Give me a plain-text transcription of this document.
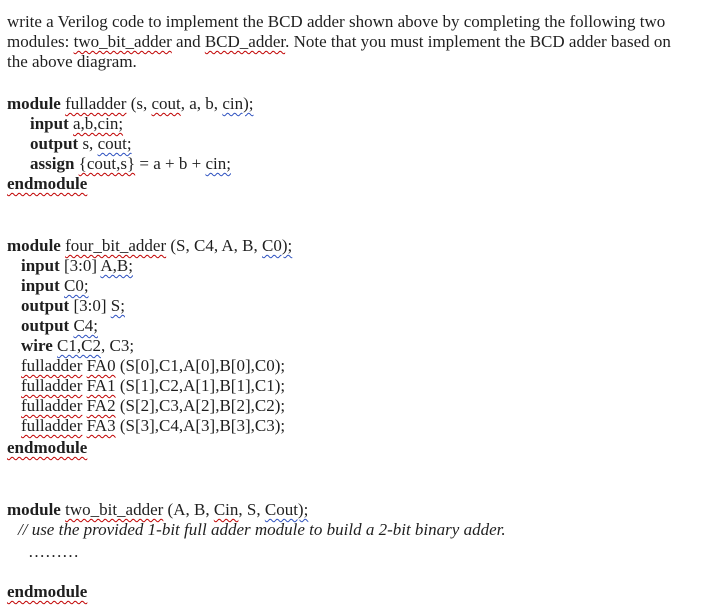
write a Verilog code to implement the BCD adder shown above by completing the following two
modules: two_bit_adder and BCD_adder. Note that you must implement the BCD adder based on
the above diagram.
module fulladder (s, cout, a, b, cin);
input a,b,cin;
output s, cout;
assign {cout,s} = a + b + cin;
endmodule
module four_bit_adder (S, C4, A, B, C0);
input [3:0] A,B;
input C0;
output [3:0] S;
output C4;
wire C1,C2, C3;
fulladder FA0 (S[0],C1,A[0],B[0],C0);
fulladder FA1 (S[1],C2,A[1],B[1],C1);
fulladder FA2 (S[2],C3,A[2],B[2],C2);
fulladder FA3 (S[3],C4,A[3],B[3],C3);
endmodule
module two_bit_adder (A, B, Cin, S, Cout);
// use the provided 1-bit full adder module to build a 2-bit binary adder.
………
endmodule
